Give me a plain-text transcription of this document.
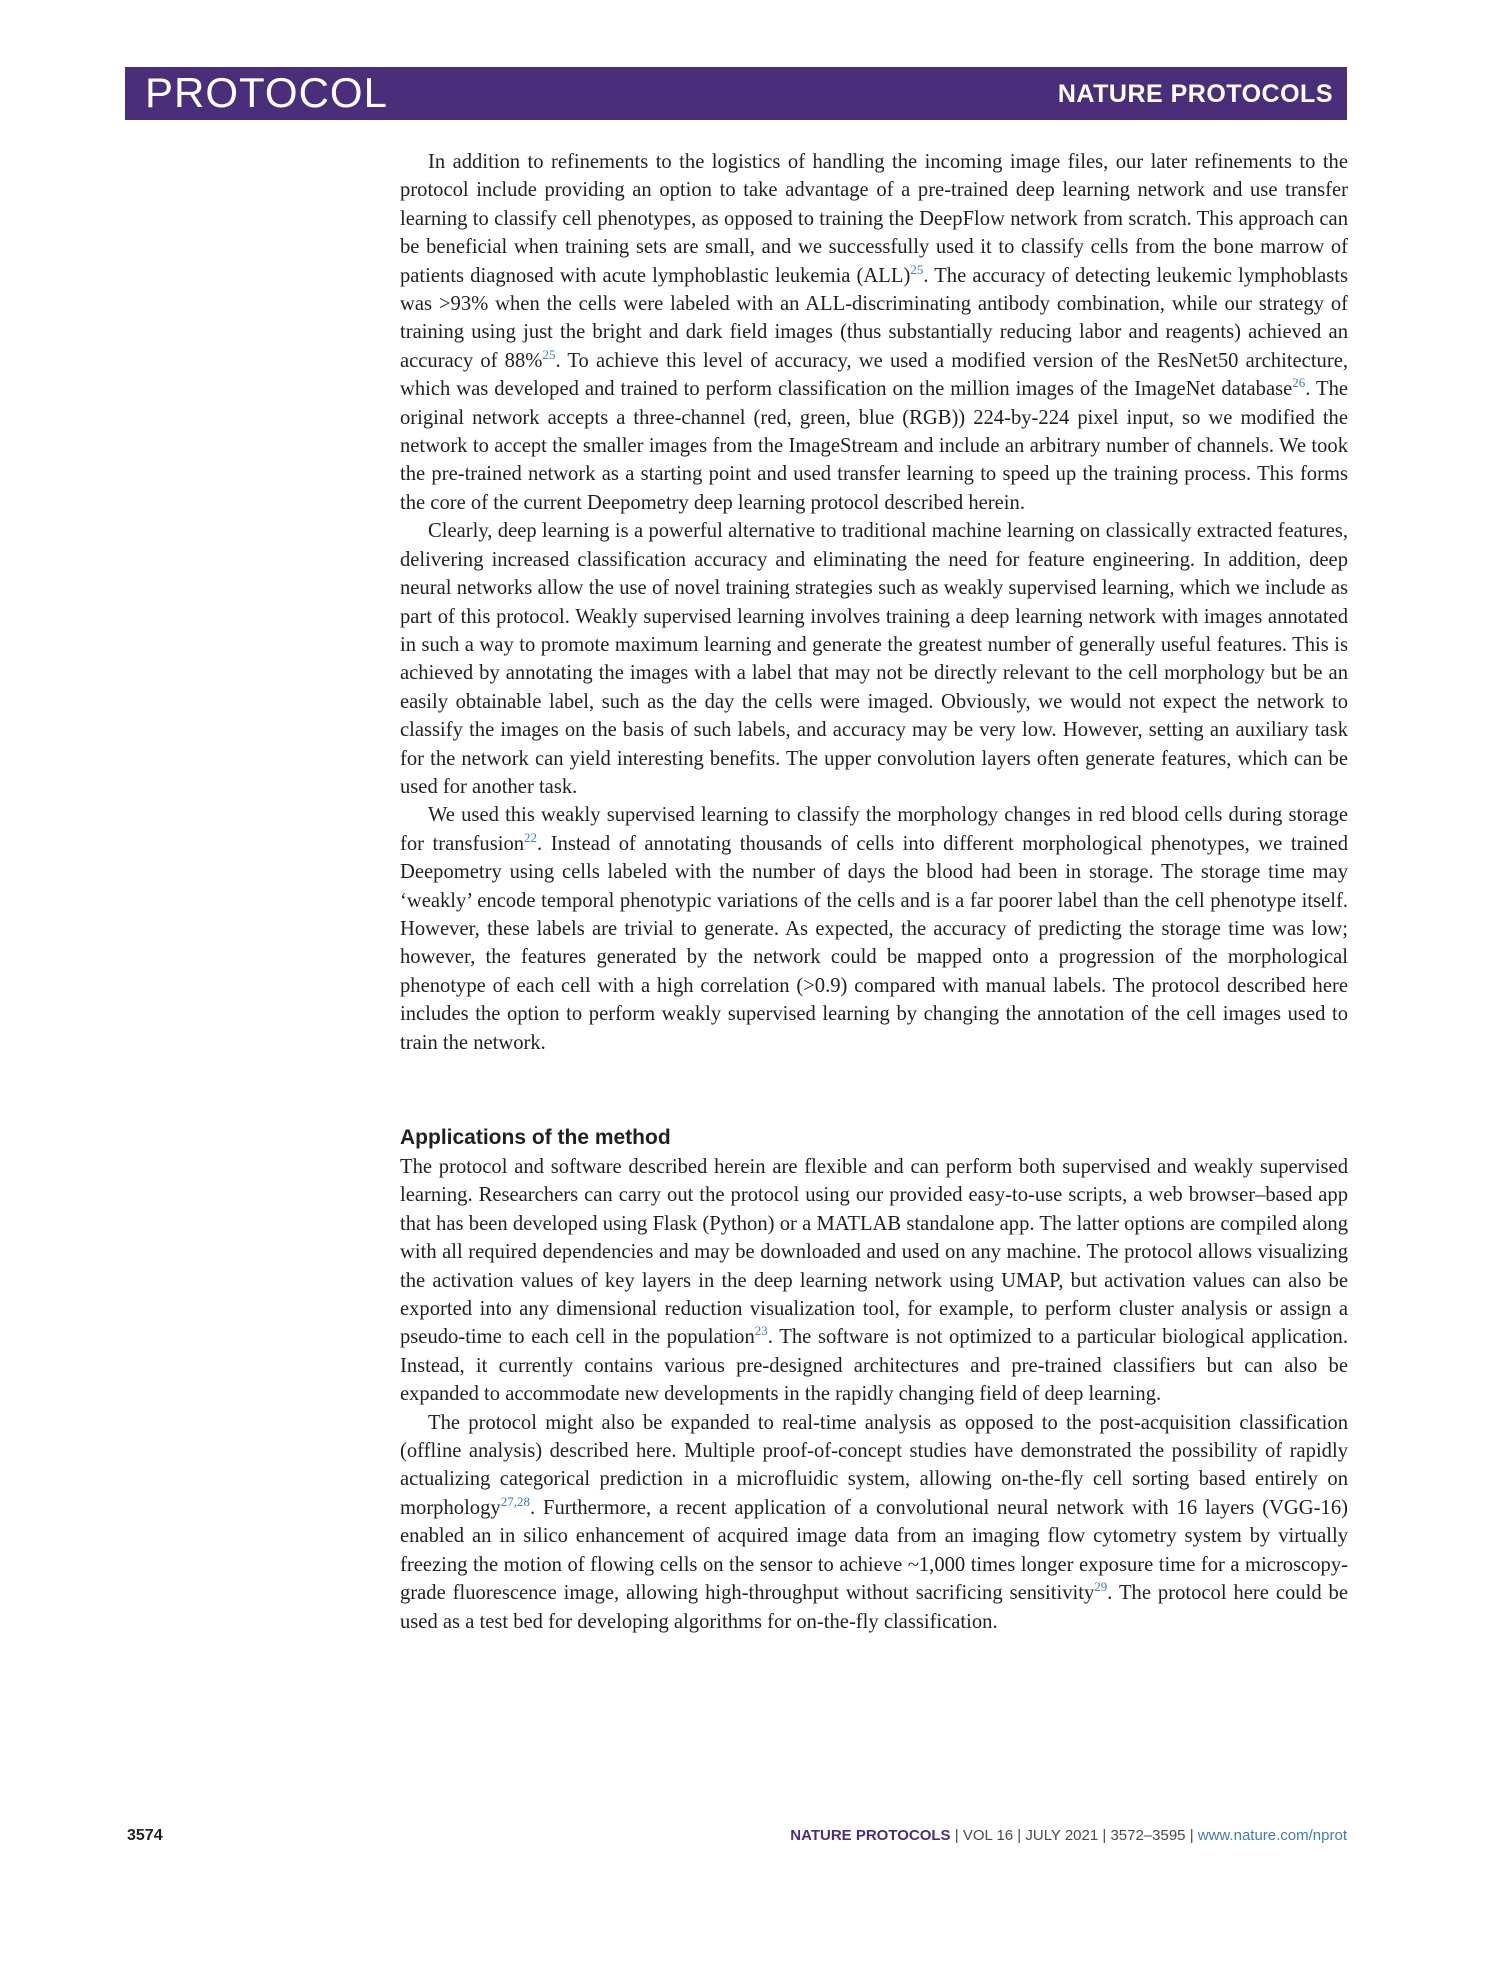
PROTOCOL	NATURE PROTOCOLS

In addition to refinements to the logistics of handling the incoming image files, our later refinements to the protocol include providing an option to take advantage of a pre-trained deep learning network and use transfer learning to classify cell phenotypes, as opposed to training the DeepFlow network from scratch. This approach can be beneficial when training sets are small, and we successfully used it to classify cells from the bone marrow of patients diagnosed with acute lymphoblastic leukemia (ALL)$^{25}$. The accuracy of detecting leukemic lymphoblasts was >93% when the cells were labeled with an ALL-discriminating antibody combination, while our strategy of training using just the bright and dark field images (thus substantially reducing labor and reagents) achieved an accuracy of 88%$^{25}$. To achieve this level of accuracy, we used a modified version of the ResNet50 architecture, which was developed and trained to perform classification on the million images of the ImageNet database$^{26}$. The original network accepts a three-channel (red, green, blue (RGB)) 224-by-224 pixel input, so we modified the network to accept the smaller images from the ImageStream and include an arbitrary number of channels. We took the pre-trained network as a starting point and used transfer learning to speed up the training process. This forms the core of the current Deepometry deep learning protocol described herein.

Clearly, deep learning is a powerful alternative to traditional machine learning on classically extracted features, delivering increased classification accuracy and eliminating the need for feature engineering. In addition, deep neural networks allow the use of novel training strategies such as weakly supervised learning, which we include as part of this protocol. Weakly supervised learning involves training a deep learning network with images annotated in such a way to promote maximum learning and generate the greatest number of generally useful features. This is achieved by annotating the images with a label that may not be directly relevant to the cell morphology but be an easily obtainable label, such as the day the cells were imaged. Obviously, we would not expect the network to classify the images on the basis of such labels, and accuracy may be very low. However, setting an auxiliary task for the network can yield interesting benefits. The upper convolution layers often generate features, which can be used for another task.

We used this weakly supervised learning to classify the morphology changes in red blood cells during storage for transfusion$^{22}$. Instead of annotating thousands of cells into different morphological phenotypes, we trained Deepometry using cells labeled with the number of days the blood had been in storage. The storage time may ‘weakly’ encode temporal phenotypic variations of the cells and is a far poorer label than the cell phenotype itself. However, these labels are trivial to generate. As expected, the accuracy of predicting the storage time was low; however, the features generated by the network could be mapped onto a progression of the morphological phenotype of each cell with a high correlation (>0.9) compared with manual labels. The protocol described here includes the option to perform weakly supervised learning by changing the annotation of the cell images used to train the network.

Applications of the method

The protocol and software described herein are flexible and can perform both supervised and weakly supervised learning. Researchers can carry out the protocol using our provided easy-to-use scripts, a web browser–based app that has been developed using Flask (Python) or a MATLAB standalone app. The latter options are compiled along with all required dependencies and may be downloaded and used on any machine. The protocol allows visualizing the activation values of key layers in the deep learning network using UMAP, but activation values can also be exported into any dimensional reduction visualization tool, for example, to perform cluster analysis or assign a pseudo-time to each cell in the population$^{23}$. The software is not optimized to a particular biological application. Instead, it currently contains various pre-designed architectures and pre-trained classifiers but can also be expanded to accommodate new developments in the rapidly changing field of deep learning.

The protocol might also be expanded to real-time analysis as opposed to the post-acquisition classification (offline analysis) described here. Multiple proof-of-concept studies have demonstrated the possibility of rapidly actualizing categorical prediction in a microfluidic system, allowing on-the-fly cell sorting based entirely on morphology$^{27,28}$. Furthermore, a recent application of a convolutional neural network with 16 layers (VGG-16) enabled an in silico enhancement of acquired image data from an imaging flow cytometry system by virtually freezing the motion of flowing cells on the sensor to achieve ~1,000 times longer exposure time for a microscopy-grade fluorescence image, allowing high-throughput without sacrificing sensitivity$^{29}$. The protocol here could be used as a test bed for developing algorithms for on-the-fly classification.

3574	NATURE PROTOCOLS | VOL 16 | JULY 2021 | 3572–3595 | www.nature.com/nprot
